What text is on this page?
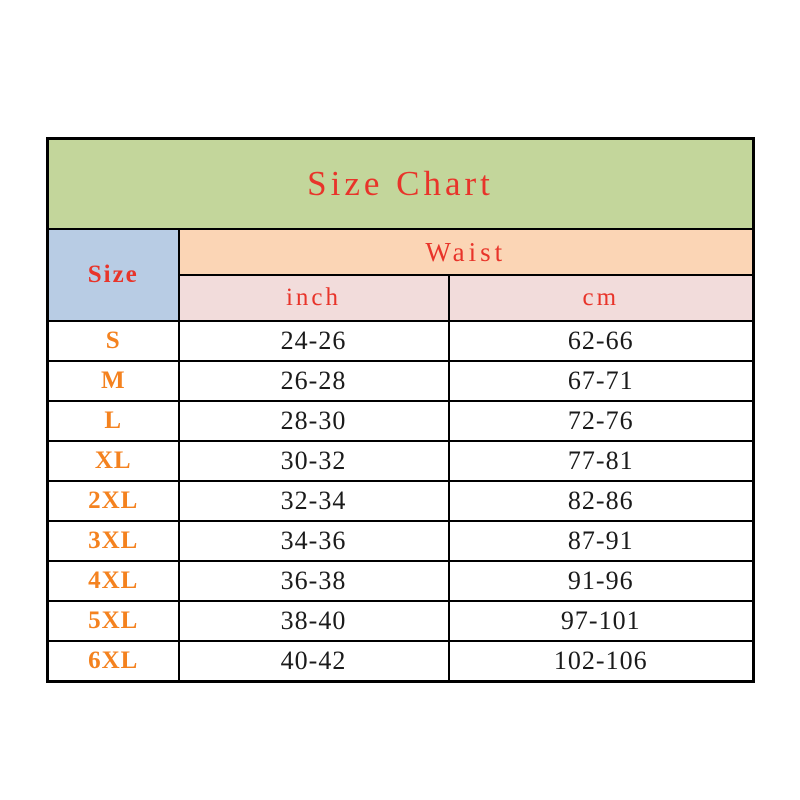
Size Chart		
Size	Waist	
	inch	cm
S	24-26	62-66
M	26-28	67-71
L	28-30	72-76
XL	30-32	77-81
2XL	32-34	82-86
3XL	34-36	87-91
4XL	36-38	91-96
5XL	38-40	97-101
6XL	40-42	102-106
